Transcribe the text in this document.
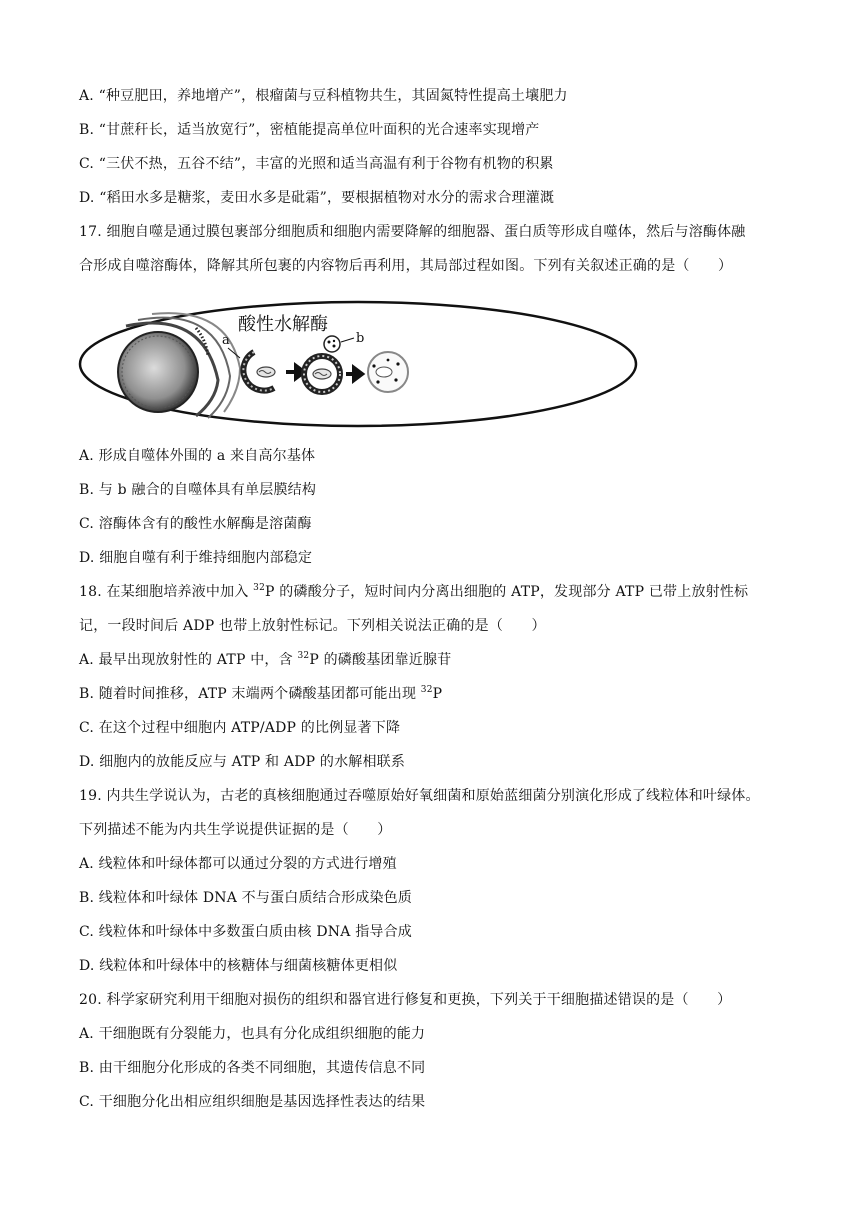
A. “种豆肥田，养地增产”，根瘤菌与豆科植物共生，其固氮特性提高土壤肥力
B. “甘蔗秆长，适当放宽行”，密植能提高单位叶面积的光合速率实现增产
C. “三伏不热，五谷不结”，丰富的光照和适当高温有利于谷物有机物的积累
D. “稻田水多是糖浆，麦田水多是砒霜”，要根据植物对水分的需求合理灌溉
17. 细胞自噬是通过膜包裹部分细胞质和细胞内需要降解的细胞器、蛋白质等形成自噬体，然后与溶酶体融
合形成自噬溶酶体，降解其所包裹的内容物后再利用，其局部过程如图。下列有关叙述正确的是（　　）
a
酸性水解酶
b
A. 形成自噬体外围的 a 来自高尔基体
B. 与 b 融合的自噬体具有单层膜结构
C. 溶酶体含有的酸性水解酶是溶菌酶
D. 细胞自噬有利于维持细胞内部稳定
18. 在某细胞培养液中加入 $^{32}$P 的磷酸分子，短时间内分离出细胞的 ATP，发现部分 ATP 已带上放射性标
记，一段时间后 ADP 也带上放射性标记。下列相关说法正确的是（　　）
A. 最早出现放射性的 ATP 中，含 $^{32}$P 的磷酸基团靠近腺苷
B. 随着时间推移，ATP 末端两个磷酸基团都可能出现 $^{32}$P
C. 在这个过程中细胞内 ATP/ADP 的比例显著下降
D. 细胞内的放能反应与 ATP 和 ADP 的水解相联系
19. 内共生学说认为，古老的真核细胞通过吞噬原始好氧细菌和原始蓝细菌分别演化形成了线粒体和叶绿体。
下列描述不能为内共生学说提供证据的是（　　）
A. 线粒体和叶绿体都可以通过分裂的方式进行增殖
B. 线粒体和叶绿体 DNA 不与蛋白质结合形成染色质
C. 线粒体和叶绿体中多数蛋白质由核 DNA 指导合成
D. 线粒体和叶绿体中的核糖体与细菌核糖体更相似
20. 科学家研究利用干细胞对损伤的组织和器官进行修复和更换，下列关于干细胞描述错误的是（　　）
A. 干细胞既有分裂能力，也具有分化成组织细胞的能力
B. 由干细胞分化形成的各类不同细胞，其遗传信息不同
C. 干细胞分化出相应组织细胞是基因选择性表达的结果
